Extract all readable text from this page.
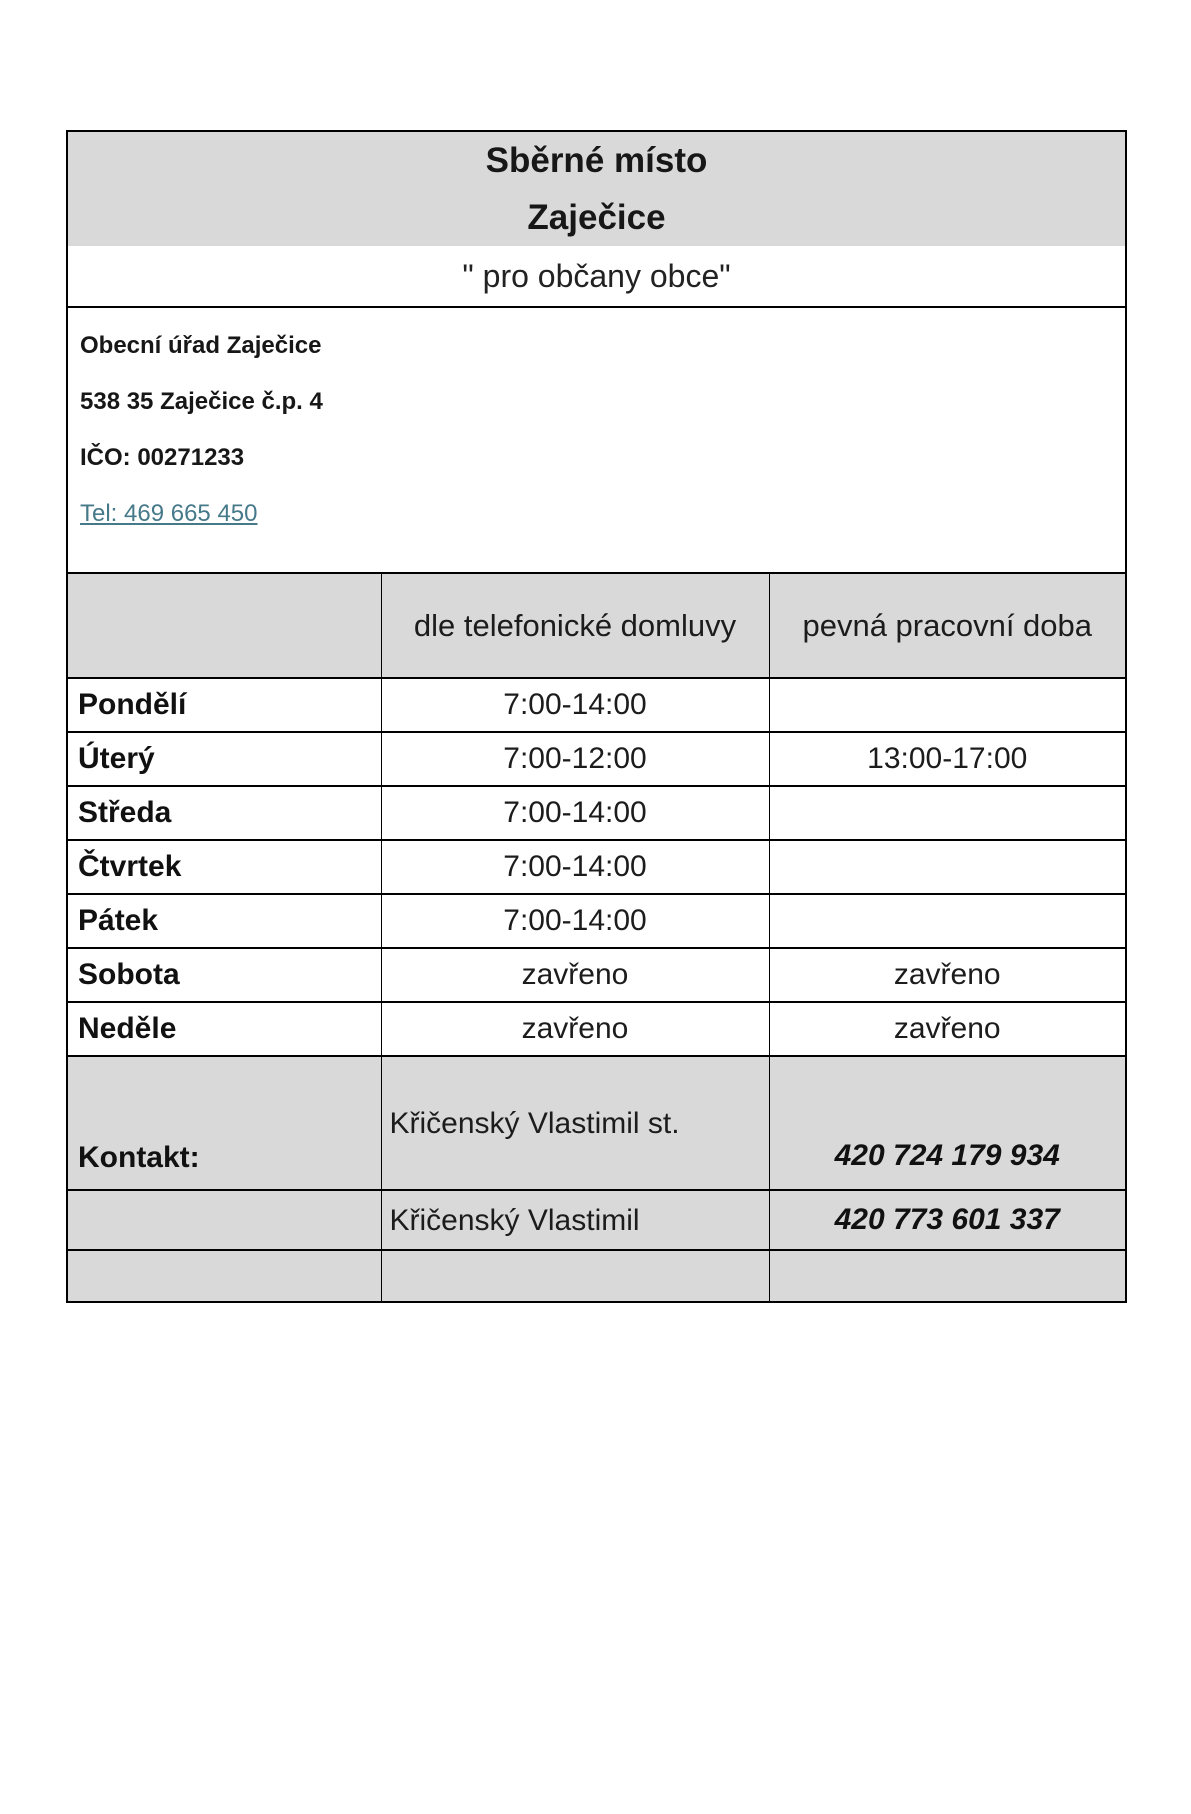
Sběrné místo
Zaječice		

" pro občany obce"		

Obecní úřad Zaječice

538 35 Zaječice č.p. 4

IČO: 00271233

Tel: 469 665 450		

	dle telefonické domluvy	pevná pracovní doba
Pondělí	7:00-14:00	
Úterý	7:00-12:00	13:00-17:00
Středa	7:00-14:00	
Čtvrtek	7:00-14:00	
Pátek	7:00-14:00	
Sobota	zavřeno	zavřeno
Neděle	zavřeno	zavřeno
Kontakt:	Křičenský Vlastimil st.	420 724 179 934
	Křičenský Vlastimil	420 773 601 337
